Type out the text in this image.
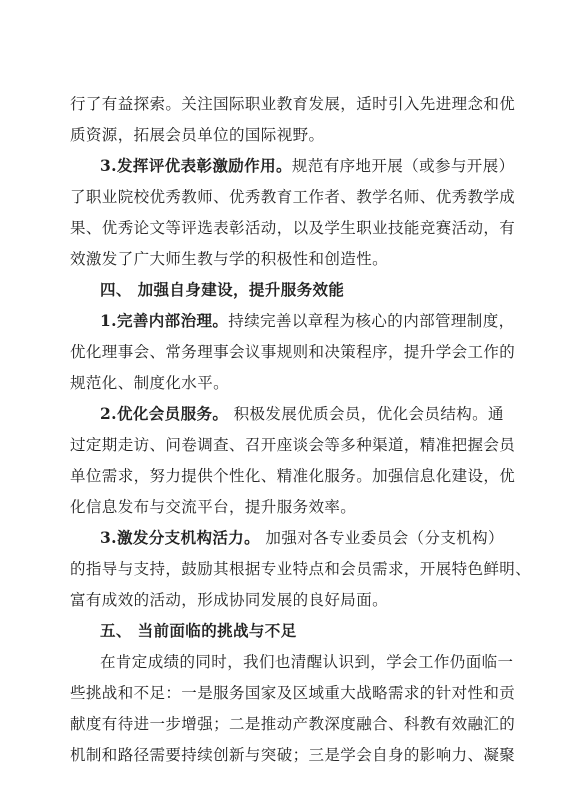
行了有益探索。关注国际职业教育发展，适时引入先进理念和优
质资源，拓展会员单位的国际视野。
3.发挥评优表彰激励作用。规范有序地开展（或参与开展）
了职业院校优秀教师、优秀教育工作者、教学名师、优秀教学成
果、优秀论文等评选表彰活动，以及学生职业技能竞赛活动，有
效激发了广大师生教与学的积极性和创造性。
四、 加强自身建设，提升服务效能
1.完善内部治理。持续完善以章程为核心的内部管理制度，
优化理事会、常务理事会议事规则和决策程序，提升学会工作的
规范化、制度化水平。
2.优化会员服务。 积极发展优质会员，优化会员结构。通
过定期走访、问卷调查、召开座谈会等多种渠道，精准把握会员
单位需求，努力提供个性化、精准化服务。加强信息化建设，优
化信息发布与交流平台，提升服务效率。
3.激发分支机构活力。 加强对各专业委员会（分支机构）
的指导与支持，鼓励其根据专业特点和会员需求，开展特色鲜明、
富有成效的活动，形成协同发展的良好局面。
五、 当前面临的挑战与不足
在肯定成绩的同时，我们也清醒认识到，学会工作仍面临一
些挑战和不足：一是服务国家及区域重大战略需求的针对性和贡
献度有待进一步增强；二是推动产教深度融合、科教有效融汇的
机制和路径需要持续创新与突破；三是学会自身的影响力、凝聚
